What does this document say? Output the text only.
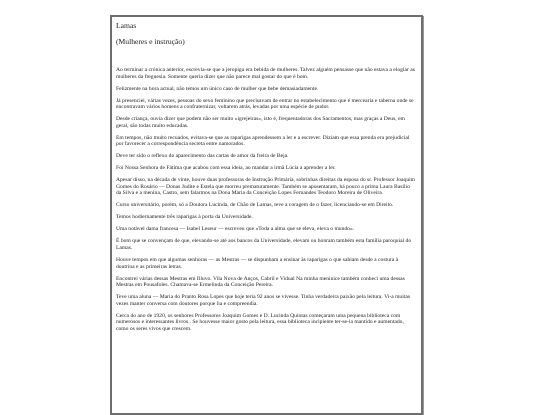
Lamas
(Mulheres e instrução)

Ao terminar a crónica anterior, escrevia-se que a jeropiga era bebida de mulheres. Talvez alguém pensasse que não estava a elogiar as mulheres da freguesia. Somente queria dizer que não parece mal gostar do que é bom.

Felizmente na hora actual, não temos um único caso de mulher que bebe demasiadamente.

Já presenciei, várias vezes, pessoas do sexo feminino que precisavam de entrar no estabelecimento que é mercearia e taberna onde se encontravam vários homens a confraternizar, voltarem atrás, levadas por uma espécie de pudor.

Desde criança, ouvia dizer que podem não ser muito «igrejeiras», isto é, frequentadoras dos Sacramentos, mas graças a Deus, em geral, são todas muito educadas.

Em tempos, não muito recuados, evitava-se que as raparigas aprendessem a ler e a escrever. Diziam que essa prenda era prejudicial por favorecer a correspondência secreta entre namorados.

Deve ter sido o reflexo do aparecimento das cartas de amor da freira de Beja.

Foi Nossa Senhora de Fátima que acabou com essa ideia, ao mandar a irmã Lúcia a aprender a ler.

Apesar disso, na década de vinte, houve duas professoras de Instrução Primária, sobrinhas direitas da esposa do sr. Professor Joaquim Gomes do Rosário — Donas Judite e Estela que morreu prematuramente. Também se aposentaram, há pouco a prima Laura Basílio da Silva e a menina, Castro, sem falarmos na Dona Maria da Conceição Lopes Fernandes Teodoro Moreira de Oliveira.

Curso universitário, porém, só a Doutora Lucinda, de Chão de Lamas, teve a coragem de o fazer, licenciando-se em Direito.

Temos hodiernamente três raparigas à porta da Universidade.

Uma notável dama francesa — Isabel Leseur — escreveu que «Toda a alma que se eleva, eleva o mundo».

É bom que se convençam de que, elevando-se até aos bancos da Universidade, elevam ou honram também esta família paroquial do Lamas.

Houve tempos em que algumas senhoras — as Mestras — se dispunham a ensinar às raparigas o que sabiam desde a costura à doutrina e as primeiras letras.

Encontrei várias dessas Mestras em Illuvo. Vila Nova de Anços, Cabril e Vidual Na minha meninice também conheci uma dessas Mestras em Pousafoles. Chamava-se Ermelinda da Conceição Pereira.

Teve uma aluna — Maria do Pranto Rosa Lopes que hoje teria 92 anos se vivesse. Tinha verdadeira paixão pela leitura. Vi-a muitas vezes manter conversa com doutores porque lia e compreendia.

Cerca do ano de 1920, os senhores Professores Joaquim Gomes e D. Lucinda Quintas começaram uma pequena biblioteca com numerosos e interessantes livros.. Se houvesse maior gosto pela leitura, essa biblioteca incipiente ter-se-ia mantido e aumentado, como os seres vivos que crescem.
